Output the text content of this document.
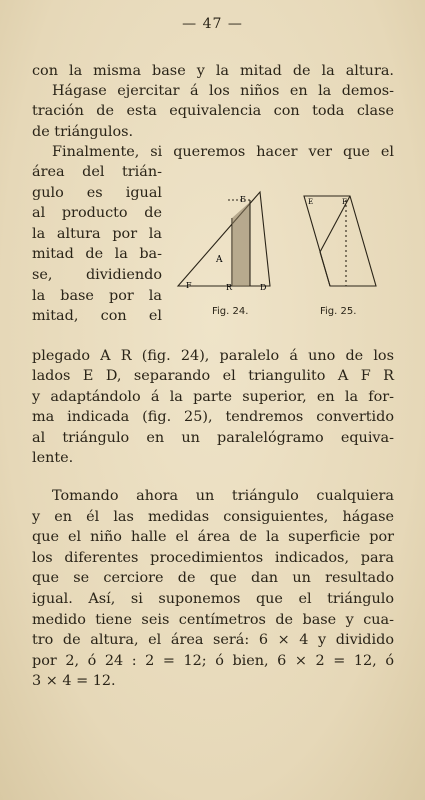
— 47 —
con la misma base y la mitad de la altura.
Hágase ejercitar á los niños en la demos-
tración de esta equivalencia con toda clase
de triángulos.
Finalmente, si queremos hacer ver que el
área del trián-
gulo es igual
al producto de
la altura por la
mitad de la ba-
se, dividiendo
la base por la
mitad, con el
A
E
F	R	D
E	F
Fig. 24.	Fig. 25.
plegado A R (fig. 24), paralelo á uno de los
lados E D, separando el triangulito A F R
y adaptándolo á la parte superior, en la for-
ma indicada (fig. 25), tendremos convertido
al triángulo en un paralelógramo equiva-
lente.
Tomando ahora un triángulo cualquiera
y en él las medidas consiguientes, hágase
que el niño halle el área de la superficie por
los diferentes procedimientos indicados, para
que se cerciore de que dan un resultado
igual. Así, si suponemos que el triángulo
medido tiene seis centímetros de base y cua-
tro de altura, el área será: 6 × 4 y dividido
por 2, ó 24 : 2 = 12; ó bien, 6 × 2 = 12, ó
3 × 4 = 12.
